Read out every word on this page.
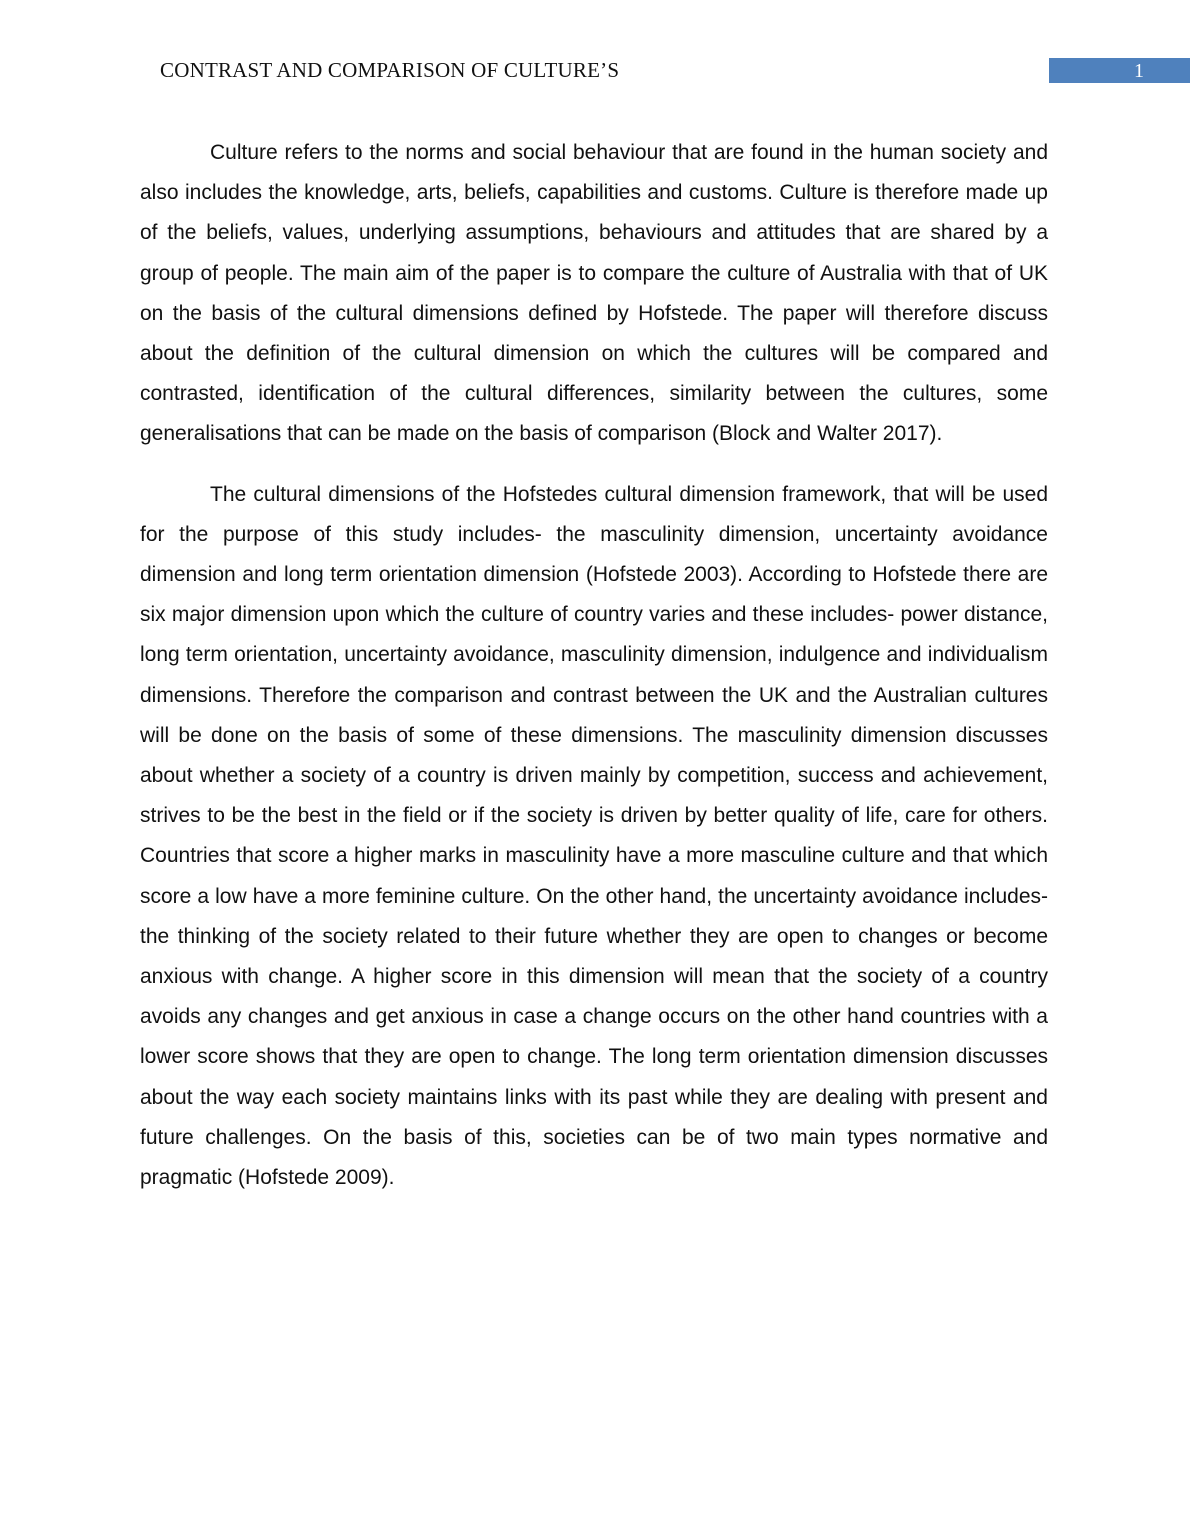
CONTRAST AND COMPARISON OF CULTURE’S	1

Culture refers to the norms and social behaviour that are found in the human society and also includes the knowledge, arts, beliefs, capabilities and customs. Culture is therefore made up of the beliefs, values, underlying assumptions, behaviours and attitudes that are shared by a group of people. The main aim of the paper is to compare the culture of Australia with that of UK on the basis of the cultural dimensions defined by Hofstede. The paper will therefore discuss about the definition of the cultural dimension on which the cultures will be compared and contrasted, identification of the cultural differences, similarity between the cultures, some generalisations that can be made on the basis of comparison (Block and Walter 2017).

The cultural dimensions of the Hofstedes cultural dimension framework, that will be used for the purpose of this study includes- the masculinity dimension, uncertainty avoidance dimension and long term orientation dimension (Hofstede 2003). According to Hofstede there are six major dimension upon which the culture of country varies and these includes- power distance, long term orientation, uncertainty avoidance, masculinity dimension, indulgence and individualism dimensions. Therefore the comparison and contrast between the UK and the Australian cultures will be done on the basis of some of these dimensions. The masculinity dimension discusses about whether a society of a country is driven mainly by competition, success and achievement, strives to be the best in the field or if the society is driven by better quality of life, care for others. Countries that score a higher marks in masculinity have a more masculine culture and that which score a low have a more feminine culture. On the other hand, the uncertainty avoidance includes- the thinking of the society related to their future whether they are open to changes or become anxious with change. A higher score in this dimension will mean that the society of a country avoids any changes and get anxious in case a change occurs on the other hand countries with a lower score shows that they are open to change. The long term orientation dimension discusses about the way each society maintains links with its past while they are dealing with present and future challenges. On the basis of this, societies can be of two main types normative and pragmatic (Hofstede 2009).
